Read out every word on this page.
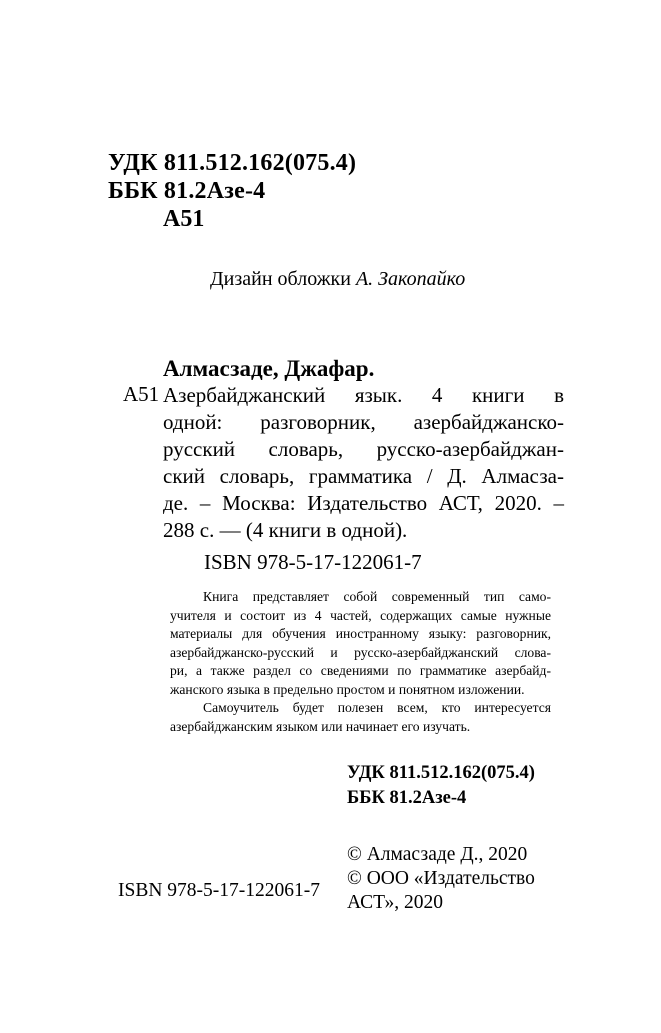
УДК 811.512.162(075.4)
ББК 81.2Азе-4
А51
Дизайн обложки А. Закопайко
Алмасзаде, Джафар.
А51 Азербайджанский язык. 4 книги в
одной: разговорник, азербайджанско-
русский словарь, русско-азербайджан-
ский словарь, грамматика / Д. Алмасза-
де. – Москва: Издательство АСТ, 2020. –
288 с. — (4 книги в одной).
ISBN 978-5-17-122061-7
Книга представляет собой современный тип само-
учителя и состоит из 4 частей, содержащих самые нужные
материалы для обучения иностранному языку: разговорник,
азербайджанско-русский и русско-азербайджанский слова-
ри, а также раздел со сведениями по грамматике азербайд-
жанского языка в предельно простом и понятном изложении.
Самоучитель будет полезен всем, кто интересуется
азербайджанским языком или начинает его изучать.
УДК 811.512.162(075.4)
ББК 81.2Азе-4
© Алмасзаде Д., 2020
© ООО «Издательство
АСТ», 2020
ISBN 978-5-17-122061-7
